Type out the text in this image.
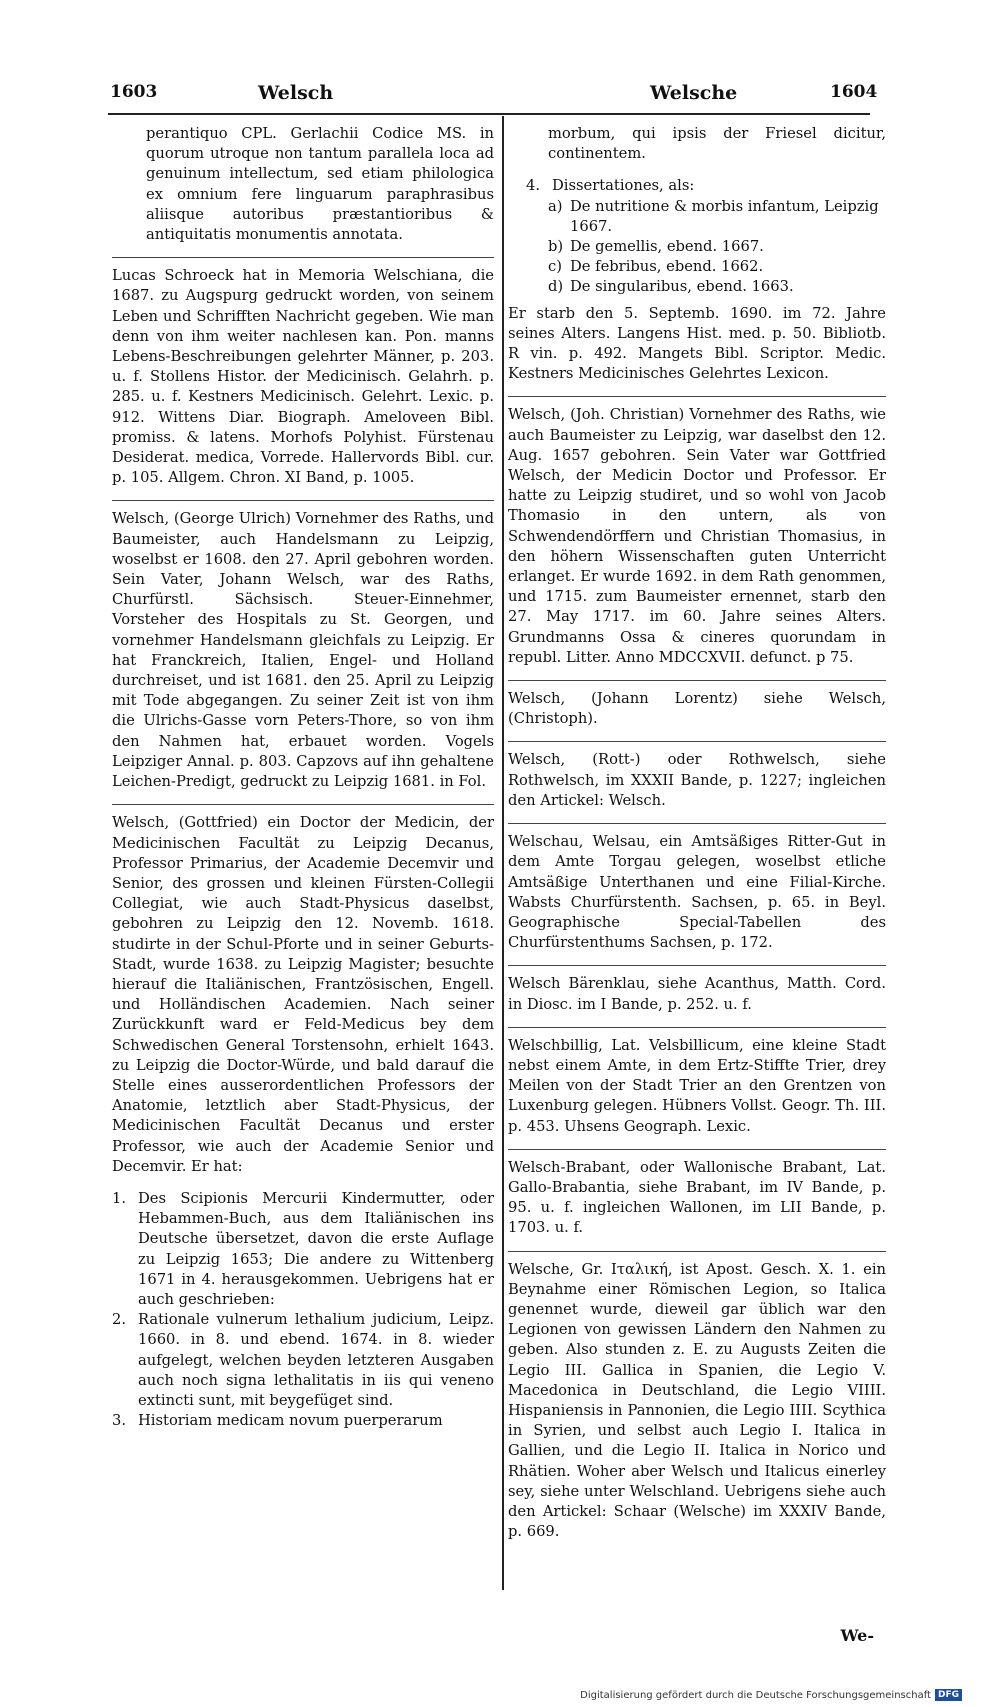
1603	Welsch	Welsche	1604

perantiquo CPL. Gerlachii Codice MS. in quorum utroque non tantum parallela loca ad genuinum intellectum, sed etiam philologica ex omnium fere linguarum paraphrasibus aliisque autoribus præstantioribus & antiquitatis monumentis annotata.

Lucas Schroeck hat in Memoria Welschiana, die 1687. zu Augspurg gedruckt worden, von seinem Leben und Schrifften Nachricht gegeben. Wie man denn von ihm weiter nachlesen kan. Pon. manns Lebens-Beschreibungen gelehrter Männer, p. 203. u. f. Stollens Histor. der Medicinisch. Gelahrh. p. 285. u. f. Kestners Medicinisch. Gelehrt. Lexic. p. 912. Wittens Diar. Biograph. Ameloveen Bibl. promiss. & latens. Morhofs Polyhist. Fürstenau Desiderat. medica, Vorrede. Hallervords Bibl. cur. p. 105. Allgem. Chron. XI Band, p. 1005.

Welsch, (George Ulrich) Vornehmer des Raths, und Baumeister, auch Handelsmann zu Leipzig, woselbst er 1608. den 27. April gebohren worden. Sein Vater, Johann Welsch, war des Raths, Churfürstl. Sächsisch. Steuer-Einnehmer, Vorsteher des Hospitals zu St. Georgen, und vornehmer Handelsmann gleichfals zu Leipzig. Er hat Franckreich, Italien, Engel- und Holland durchreiset, und ist 1681. den 25. April zu Leipzig mit Tode abgegangen. Zu seiner Zeit ist von ihm die Ulrichs-Gasse vorn Peters-Thore, so von ihm den Nahmen hat, erbauet worden. Vogels Leipziger Annal. p. 803. Capzovs auf ihn gehaltene Leichen-Predigt, gedruckt zu Leipzig 1681. in Fol.

Welsch, (Gottfried) ein Doctor der Medicin, der Medicinischen Facultät zu Leipzig Decanus, Professor Primarius, der Academie Decemvir und Senior, des grossen und kleinen Fürsten-Collegii Collegiat, wie auch Stadt-Physicus daselbst, gebohren zu Leipzig den 12. Novemb. 1618. studirte in der Schul-Pforte und in seiner Geburts-Stadt, wurde 1638. zu Leipzig Magister; besuchte hierauf die Italiänischen, Frantzösischen, Engell. und Holländischen Academien. Nach seiner Zurückkunft ward er Feld-Medicus bey dem Schwedischen General Torstensohn, erhielt 1643. zu Leipzig die Doctor-Würde, und bald darauf die Stelle eines ausserordentlichen Professors der Anatomie, letztlich aber Stadt-Physicus, der Medicinischen Facultät Decanus und erster Professor, wie auch der Academie Senior und Decemvir. Er hat:

1. Des Scipionis Mercurii Kindermutter, oder Hebammen-Buch, aus dem Italiänischen ins Deutsche übersetzet, davon die erste Auflage zu Leipzig 1653; Die andere zu Wittenberg 1671 in 4. herausgekommen. Uebrigens hat er auch geschrieben:
2. Rationale vulnerum lethalium judicium, Leipz. 1660. in 8. und ebend. 1674. in 8. wieder aufgelegt, welchen beyden letzteren Ausgaben auch noch signa lethalitatis in iis qui veneno extincti sunt, mit beygefüget sind.
3. Historiam medicam novum puerperarum

morbum, qui ipsis der Friesel dicitur, continentem.

4. Dissertationes, als:
a) De nutritione & morbis infantum, Leipzig 1667.
b) De gemellis, ebend. 1667.
c) De febribus, ebend. 1662.
d) De singularibus, ebend. 1663.

Er starb den 5. Septemb. 1690. im 72. Jahre seines Alters. Langens Hist. med. p. 50. Bibliotb. R vin. p. 492. Mangets Bibl. Scriptor. Medic. Kestners Medicinisches Gelehrtes Lexicon.

Welsch, (Joh. Christian) Vornehmer des Raths, wie auch Baumeister zu Leipzig, war daselbst den 12. Aug. 1657 gebohren. Sein Vater war Gottfried Welsch, der Medicin Doctor und Professor. Er hatte zu Leipzig studiret, und so wohl von Jacob Thomasio in den untern, als von Schwendendörffern und Christian Thomasius, in den höhern Wissenschaften guten Unterricht erlanget. Er wurde 1692. in dem Rath genommen, und 1715. zum Baumeister ernennet, starb den 27. May 1717. im 60. Jahre seines Alters. Grundmanns Ossa & cineres quorundam in republ. Litter. Anno MDCCXVII. defunct. p 75.

Welsch, (Johann Lorentz) siehe Welsch, (Christoph).

Welsch, (Rott-) oder Rothwelsch, siehe Rothwelsch, im XXXII Bande, p. 1227; ingleichen den Artickel: Welsch.

Welschau, Welsau, ein Amtsäßiges Ritter-Gut in dem Amte Torgau gelegen, woselbst etliche Amtsäßige Unterthanen und eine Filial-Kirche. Wabsts Churfürstenth. Sachsen, p. 65. in Beyl. Geographische Special-Tabellen des Churfürstenthums Sachsen, p. 172.

Welsch Bärenklau, siehe Acanthus, Matth. Cord. in Diosc. im I Bande, p. 252. u. f.

Welschbillig, Lat. Velsbillicum, eine kleine Stadt nebst einem Amte, in dem Ertz-Stiffte Trier, drey Meilen von der Stadt Trier an den Grentzen von Luxenburg gelegen. Hübners Vollst. Geogr. Th. III. p. 453. Uhsens Geograph. Lexic.

Welsch-Brabant, oder Wallonische Brabant, Lat. Gallo-Brabantia, siehe Brabant, im IV Bande, p. 95. u. f. ingleichen Wallonen, im LII Bande, p. 1703. u. f.

Welsche, Gr. Ιταλική, ist Apost. Gesch. X. 1. ein Beynahme einer Römischen Legion, so Italica genennet wurde, dieweil gar üblich war den Legionen von gewissen Ländern den Nahmen zu geben. Also stunden z. E. zu Augusts Zeiten die Legio III. Gallica in Spanien, die Legio V. Macedonica in Deutschland, die Legio VIIII. Hispaniensis in Pannonien, die Legio IIII. Scythica in Syrien, und selbst auch Legio I. Italica in Gallien, und die Legio II. Italica in Norico und Rhätien. Woher aber Welsch und Italicus einerley sey, siehe unter Welschland. Uebrigens siehe auch den Artickel: Schaar (Welsche) im XXXIV Bande, p. 669.

We-
Digitalisierung gefördert durch die Deutsche Forschungsgemeinschaft DFG
